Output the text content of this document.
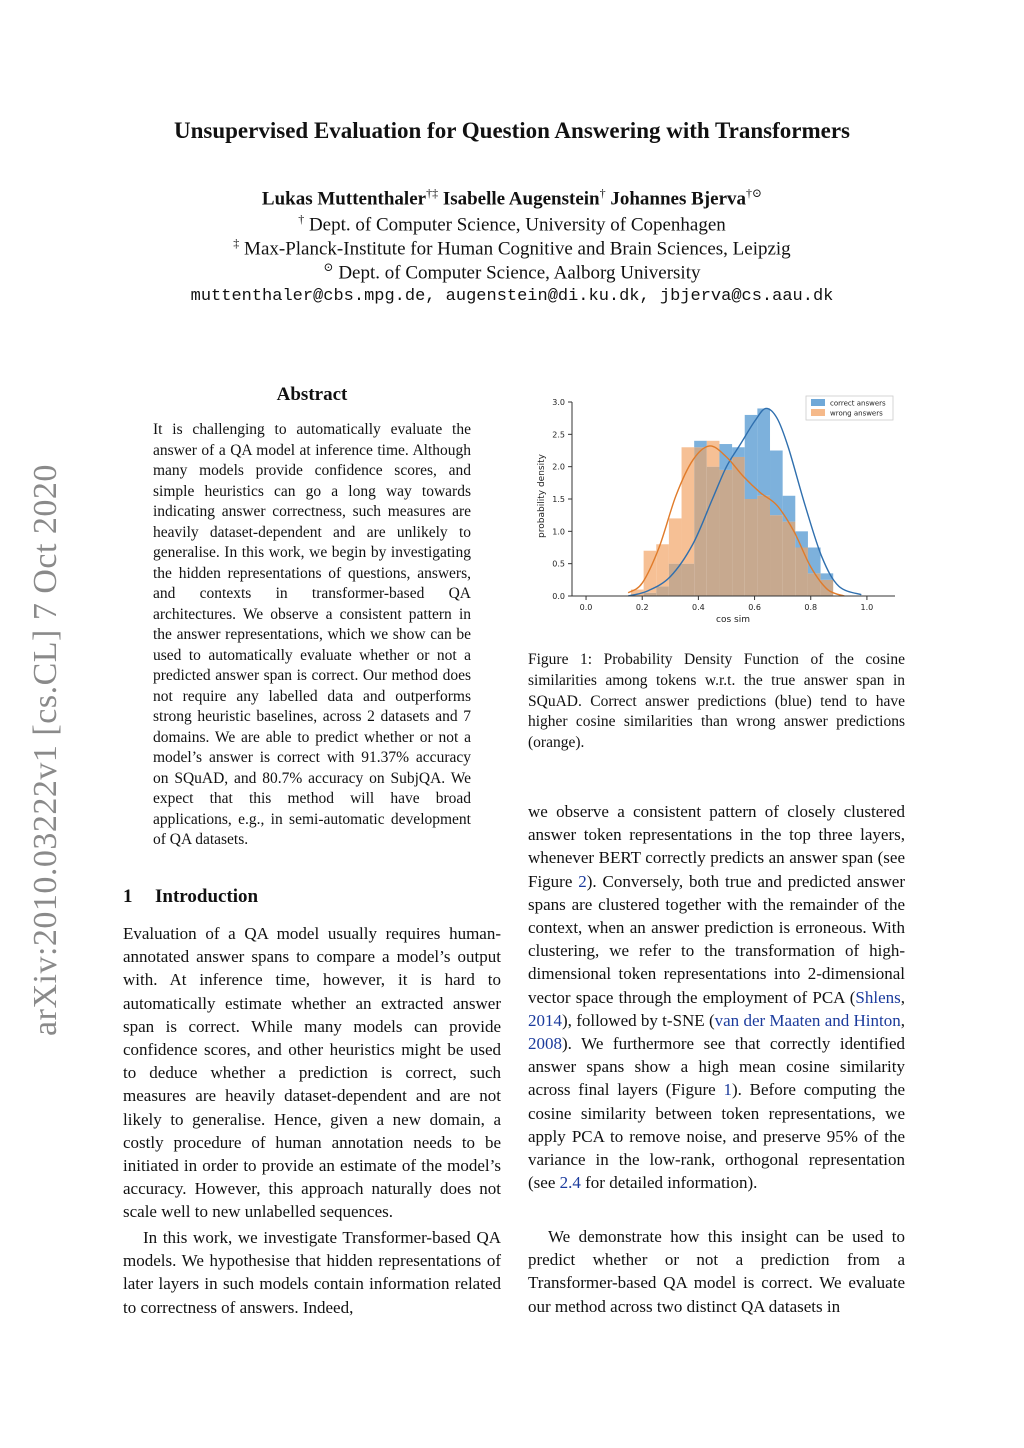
arXiv:2010.03222v1 [cs.CL] 7 Oct 2020
Unsupervised Evaluation for Question Answering with Transformers
Lukas Muttenthaler†‡ Isabelle Augenstein† Johannes Bjerva†⊙
† Dept. of Computer Science, University of Copenhagen
‡ Max-Planck-Institute for Human Cognitive and Brain Sciences, Leipzig
⊙ Dept. of Computer Science, Aalborg University
muttenthaler@cbs.mpg.de, augenstein@di.ku.dk, jbjerva@cs.aau.dk
Abstract
It is challenging to automatically evaluate the answer of a QA model at inference time. Although many models provide confidence scores, and simple heuristics can go a long way towards indicating answer correctness, such measures are heavily dataset-dependent and are unlikely to generalise. In this work, we begin by investigating the hidden representations of questions, answers, and contexts in transformer-based QA architectures. We observe a consistent pattern in the answer representations, which we show can be used to automatically evaluate whether or not a predicted answer span is correct. Our method does not require any labelled data and outperforms strong heuristic baselines, across 2 datasets and 7 domains. We are able to predict whether or not a model’s answer is correct with 91.37% accuracy on SQuAD, and 80.7% accuracy on SubjQA. We expect that this method will have broad applications, e.g., in semi-automatic development of QA datasets.
1 Introduction

Evaluation of a QA model usually requires human-annotated answer spans to compare a model’s output with. At inference time, however, it is hard to automatically estimate whether an extracted answer span is correct. While many models can provide confidence scores, and other heuristics might be used to deduce whether a prediction is correct, such measures are heavily dataset-dependent and are not likely to generalise. Hence, given a new domain, a costly procedure of human annotation needs to be initiated in order to provide an estimate of the model’s accuracy. However, this approach naturally does not scale well to new unlabelled sequences.

In this work, we investigate Transformer-based QA models. We hypothesise that hidden representations of later layers in such models contain information related to correctness of answers. Indeed,

0.0	0.2	0.4	0.6	0.8	1.0
0.0
0.5
1.0
1.5
2.0
2.5
3.0
cos sim
probability density
correct answers
wrong answers
Figure 1: Probability Density Function of the cosine similarities among tokens w.r.t. the true answer span in SQuAD. Correct answer predictions (blue) tend to have higher cosine similarities than wrong answer predictions (orange).

we observe a consistent pattern of closely clustered answer token representations in the top three layers, whenever BERT correctly predicts an answer span (see Figure 2). Conversely, both true and predicted answer spans are clustered together with the remainder of the context, when an answer prediction is erroneous. With clustering, we refer to the transformation of high-dimensional token representations into 2-dimensional vector space through the employment of PCA (Shlens, 2014), followed by t-SNE (van der Maaten and Hinton, 2008). We furthermore see that correctly identified answer spans show a high mean cosine similarity across final layers (Figure 1). Before computing the cosine similarity between token representations, we apply PCA to remove noise, and preserve 95% of the variance in the low-rank, orthogonal representation (see 2.4 for detailed information).

We demonstrate how this insight can be used to predict whether or not a prediction from a Transformer-based QA model is correct. We evaluate our method across two distinct QA datasets in
